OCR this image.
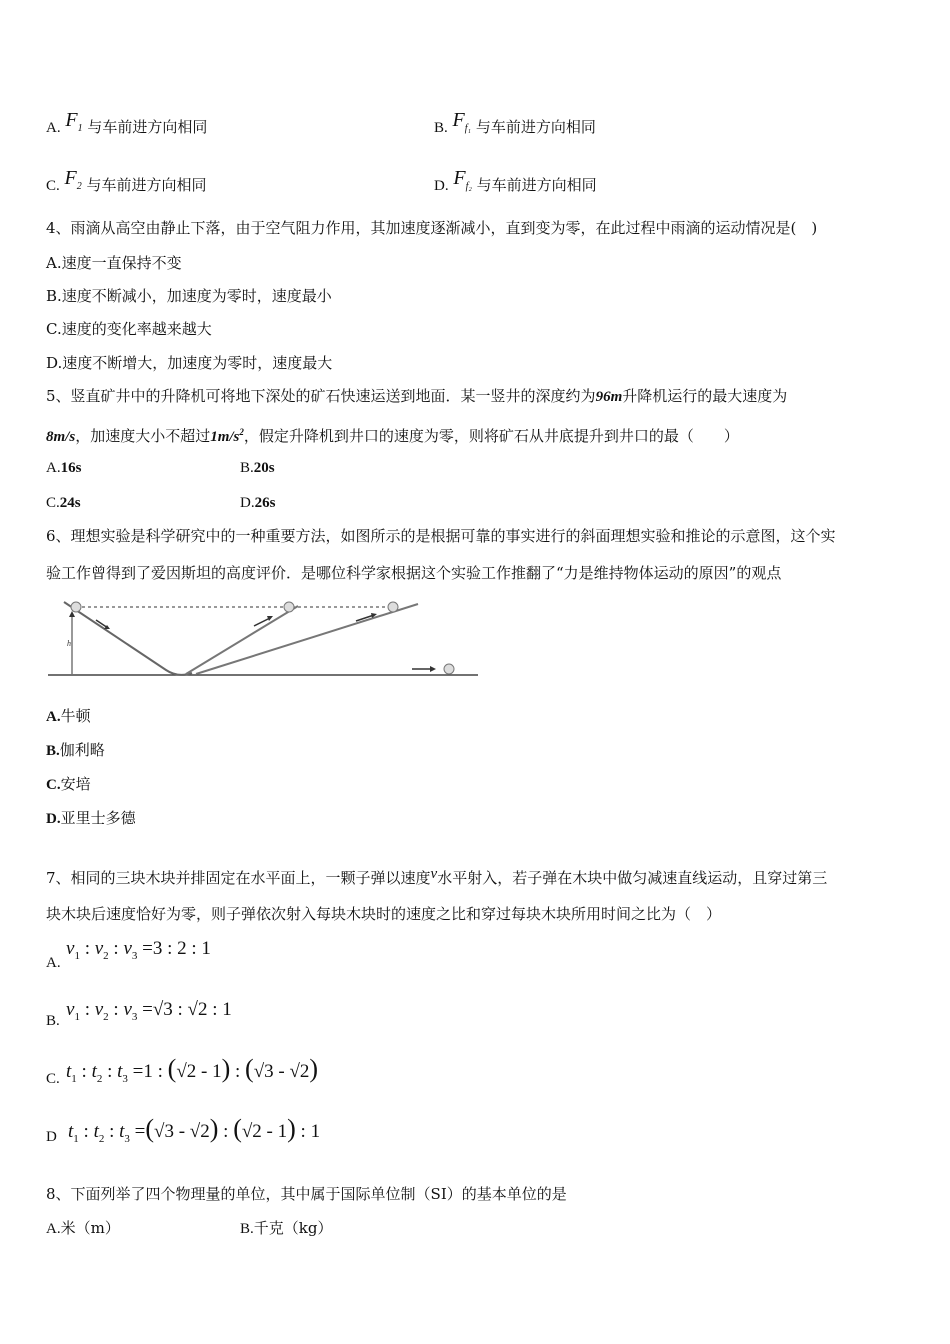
A. $F_1$ 与车前进方向相同	B. $F_{f_1}$ 与车前进方向相同
C. $F_2$ 与车前进方向相同	D. $F_{f_2}$ 与车前进方向相同
4、雨滴从高空由静止下落，由于空气阻力作用，其加速度逐渐减小，直到变为零，在此过程中雨滴的运动情况是(　)
A.速度一直保持不变
B.速度不断减小，加速度为零时，速度最小
C.速度的变化率越来越大
D.速度不断增大，加速度为零时，速度最大
5、竖直矿井中的升降机可将地下深处的矿石快速运送到地面．某一竖井的深度约为96m升降机运行的最大速度为
8m/s，加速度大小不超过$1m/s^2$，假定升降机到井口的速度为零，则将矿石从井底提升到井口的最（　　）
A.16s	B.20s
C.24s	D.26s
6、理想实验是科学研究中的一种重要方法，如图所示的是根据可靠的事实进行的斜面理想实验和推论的示意图，这个实
验工作曾得到了爱因斯坦的高度评价．是哪位科学家根据这个实验工作推翻了“力是维持物体运动的原因”的观点
h
A.牛顿
B.伽利略
C.安培
D.亚里士多德
7、相同的三块木块并排固定在水平面上，一颗子弹以速度v水平射入，若子弹在木块中做匀减速直线运动，且穿过第三
块木块后速度恰好为零，则子弹依次射入每块木块时的速度之比和穿过每块木块所用时间之比为（　）
A.
$v_1$ : $v_2$ : $v_3 =3$ : 2 : 1
B.
$v_1$ : $v_2$ : $v_3 =√3$ : √2 : 1
C. $t_1$ : $t_2$ : $t_3 =1$ : (√2 - 1) : (√3 - √2)
D $t_1$ : $t_2$ : $t_3 =(√3 - √2)$ : (√2 - 1) : 1
8、下面列举了四个物理量的单位，其中属于国际单位制（SI）的基本单位的是
A.米（m）	B.千克（kg）
